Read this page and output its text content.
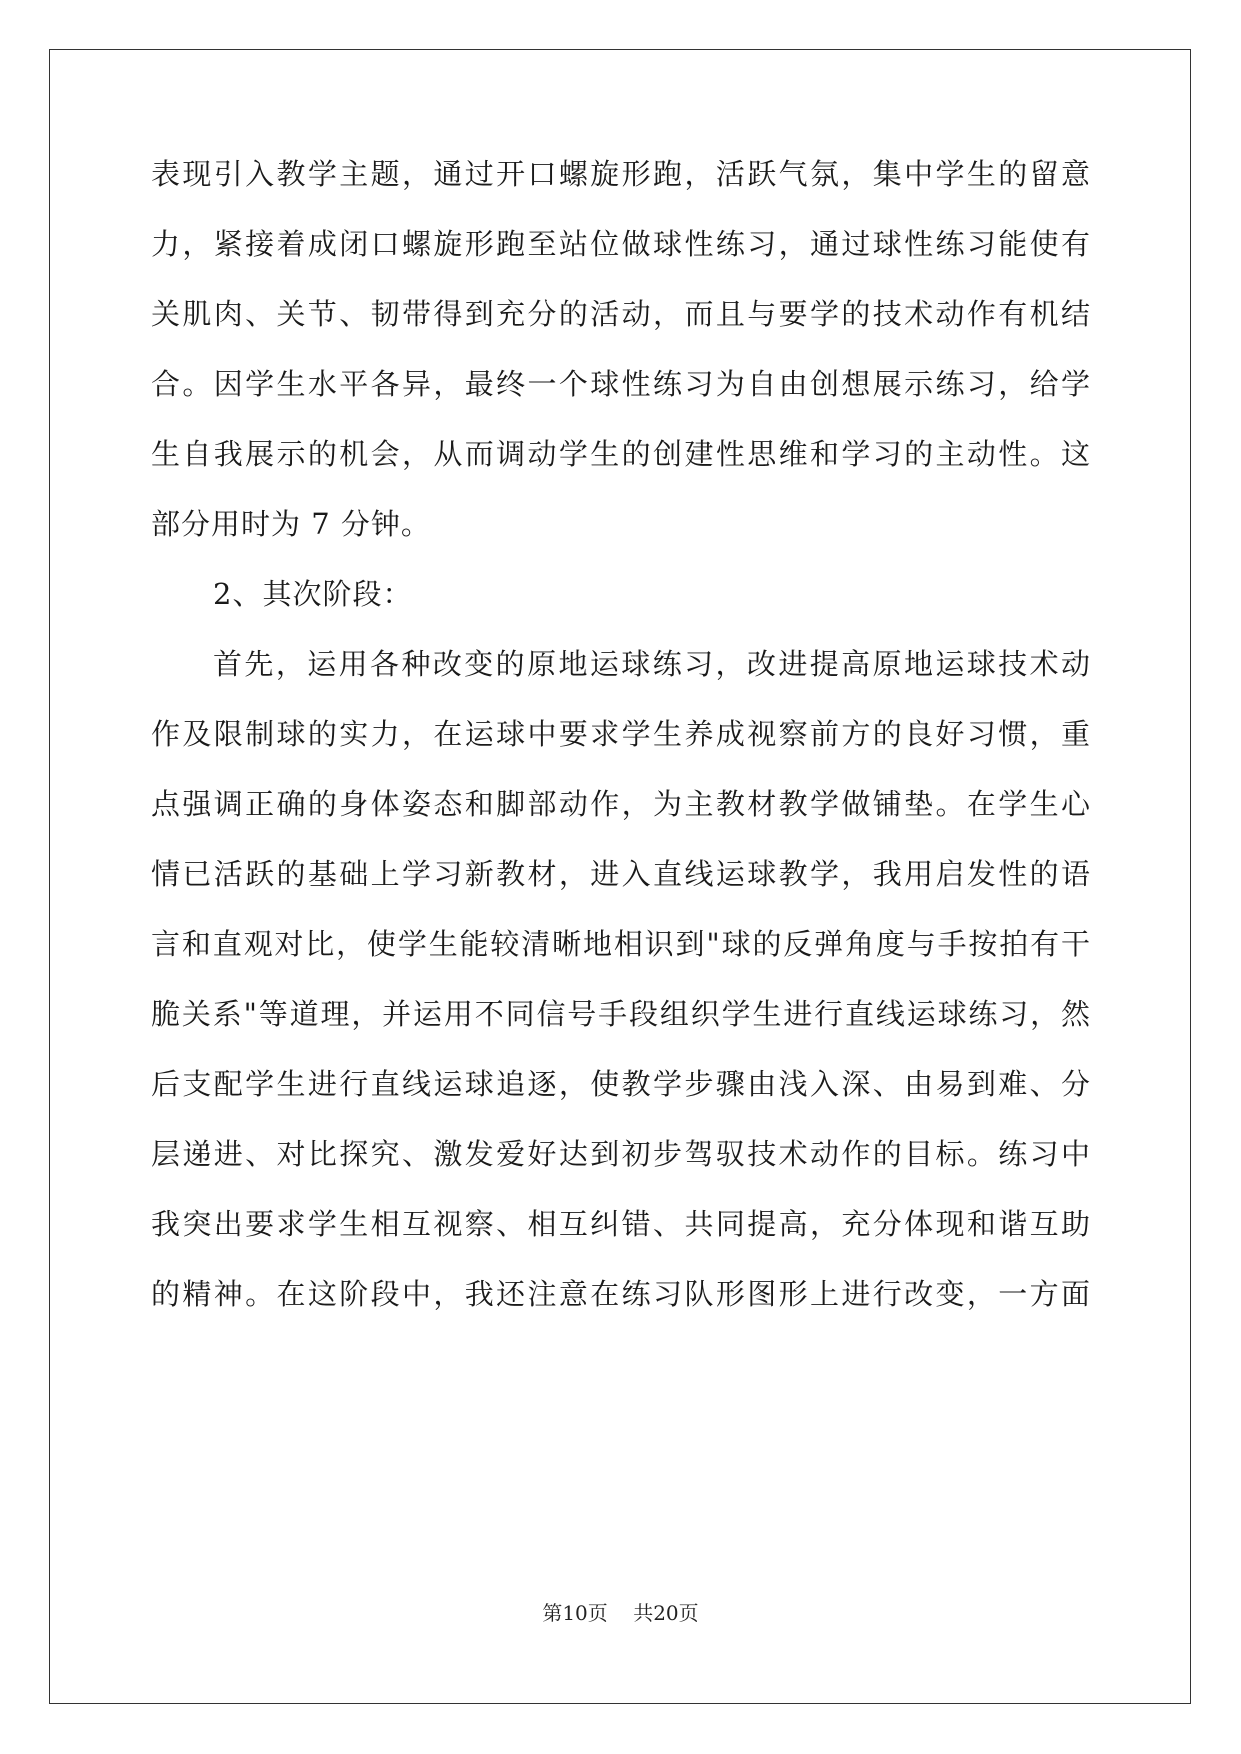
表现引入教学主题，通过开口螺旋形跑，活跃气氛，集中学生的留意
力，紧接着成闭口螺旋形跑至站位做球性练习，通过球性练习能使有
关肌肉、关节、韧带得到充分的活动，而且与要学的技术动作有机结
合。因学生水平各异，最终一个球性练习为自由创想展示练习，给学
生自我展示的机会，从而调动学生的创建性思维和学习的主动性。这
部分用时为 7 分钟。
2、其次阶段：
首先，运用各种改变的原地运球练习，改进提高原地运球技术动
作及限制球的实力，在运球中要求学生养成视察前方的良好习惯，重
点强调正确的身体姿态和脚部动作，为主教材教学做铺垫。在学生心
情已活跃的基础上学习新教材，进入直线运球教学，我用启发性的语
言和直观对比，使学生能较清晰地相识到"球的反弹角度与手按拍有干
脆关系"等道理，并运用不同信号手段组织学生进行直线运球练习，然
后支配学生进行直线运球追逐，使教学步骤由浅入深、由易到难、分
层递进、对比探究、激发爱好达到初步驾驭技术动作的目标。练习中
我突出要求学生相互视察、相互纠错、共同提高，充分体现和谐互助
的精神。在这阶段中，我还注意在练习队形图形上进行改变，一方面
第10页    共20页
